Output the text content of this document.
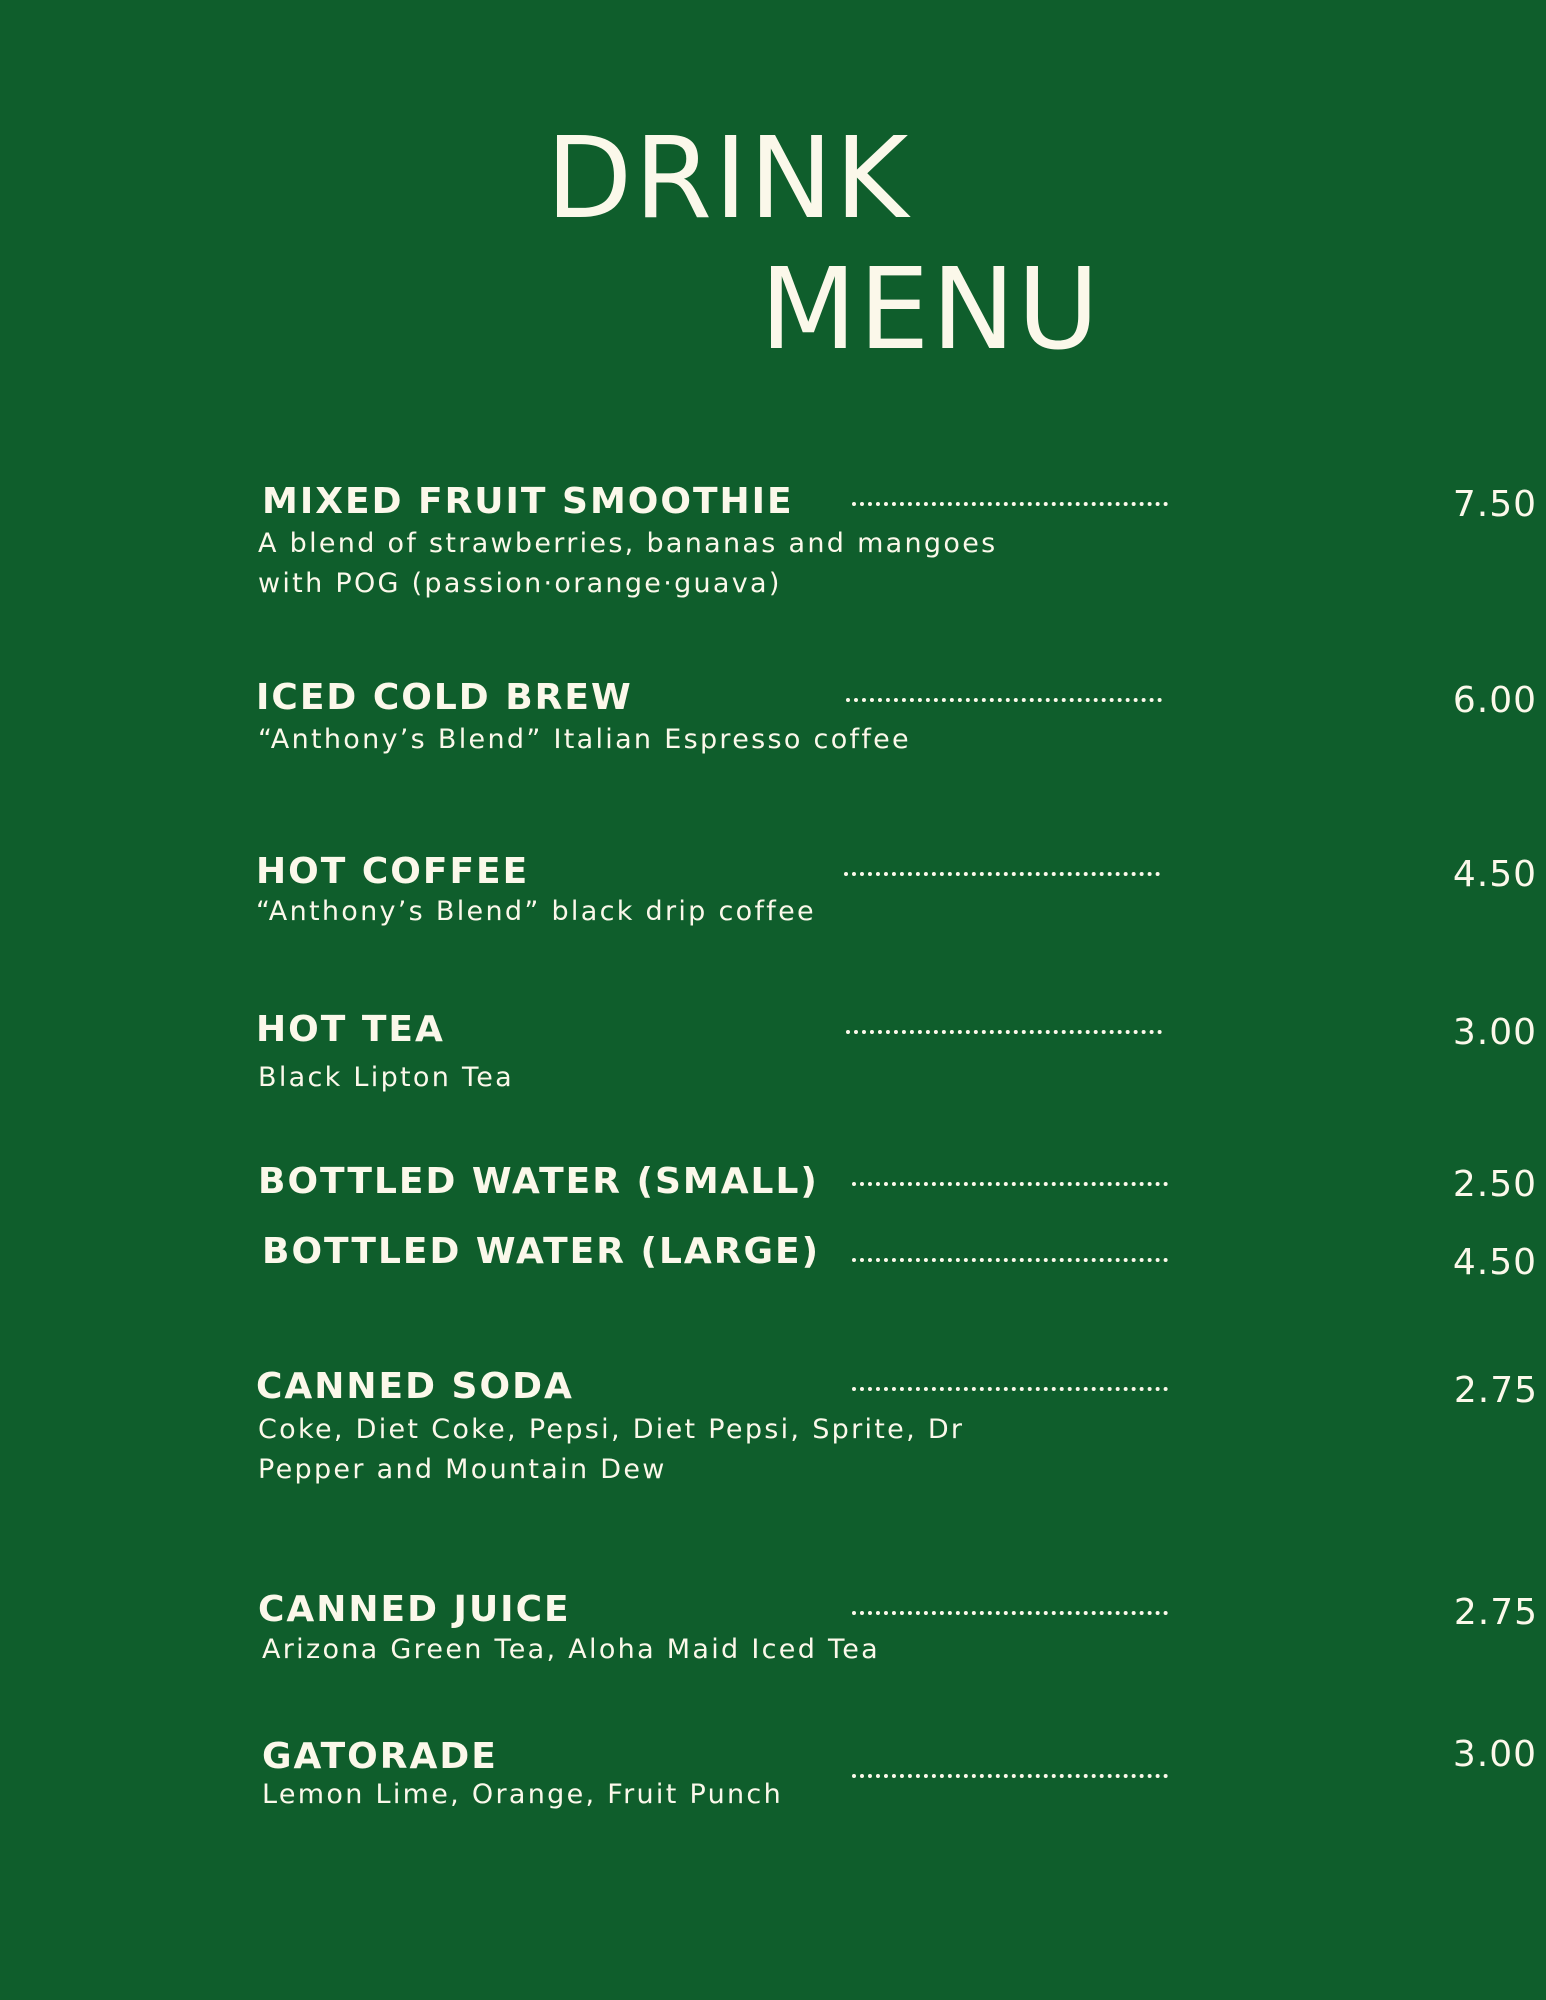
DRINK
MENU
MIXED FRUIT SMOOTHIE
A blend of strawberries, bananas and mangoes
with POG (passion·orange·guava)
7.50
ICED COLD BREW
“Anthony’s Blend” Italian Espresso coffee
6.00
HOT COFFEE
“Anthony’s Blend” black drip coffee
4.50
HOT TEA
Black Lipton Tea
3.00
BOTTLED WATER (SMALL)	2.50
BOTTLED WATER (LARGE)	4.50
CANNED SODA
Coke, Diet Coke, Pepsi, Diet Pepsi, Sprite, Dr
Pepper and Mountain Dew
2.75
CANNED JUICE
Arizona Green Tea, Aloha Maid Iced Tea
2.75
GATORADE
Lemon Lime, Orange, Fruit Punch
3.00
